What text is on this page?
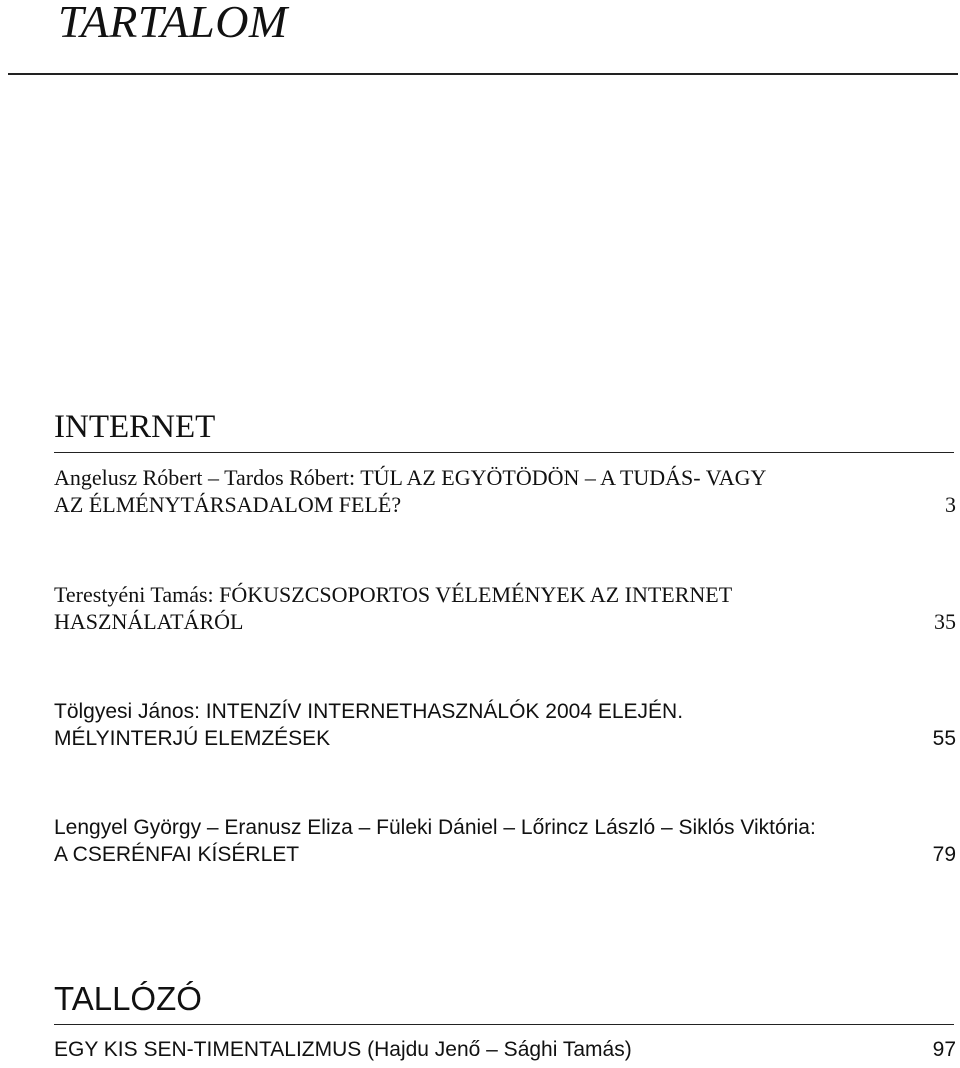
TARTALOM
INTERNET
Angelusz Róbert – Tardos Róbert: TÚL AZ EGYÖTÖDÖN – A TUDÁS- VAGY
AZ ÉLMÉNYTÁRSADALOM FELÉ?	3
Terestyéni Tamás: FÓKUSZCSOPORTOS VÉLEMÉNYEK AZ INTERNET
HASZNÁLATÁRÓL	35
Tölgyesi János: INTENZÍV INTERNETHASZNÁLÓK 2004 ELEJÉN.
MÉLYINTERJÚ ELEMZÉSEK	55
Lengyel György – Eranusz Eliza – Füleki Dániel – Lőrincz László – Siklós Viktória:
A CSERÉNFAI KÍSÉRLET	79
TALLÓZÓ
EGY KIS SEN-TIMENTALIZMUS (Hajdu Jenő – Sághi Tamás)	97
